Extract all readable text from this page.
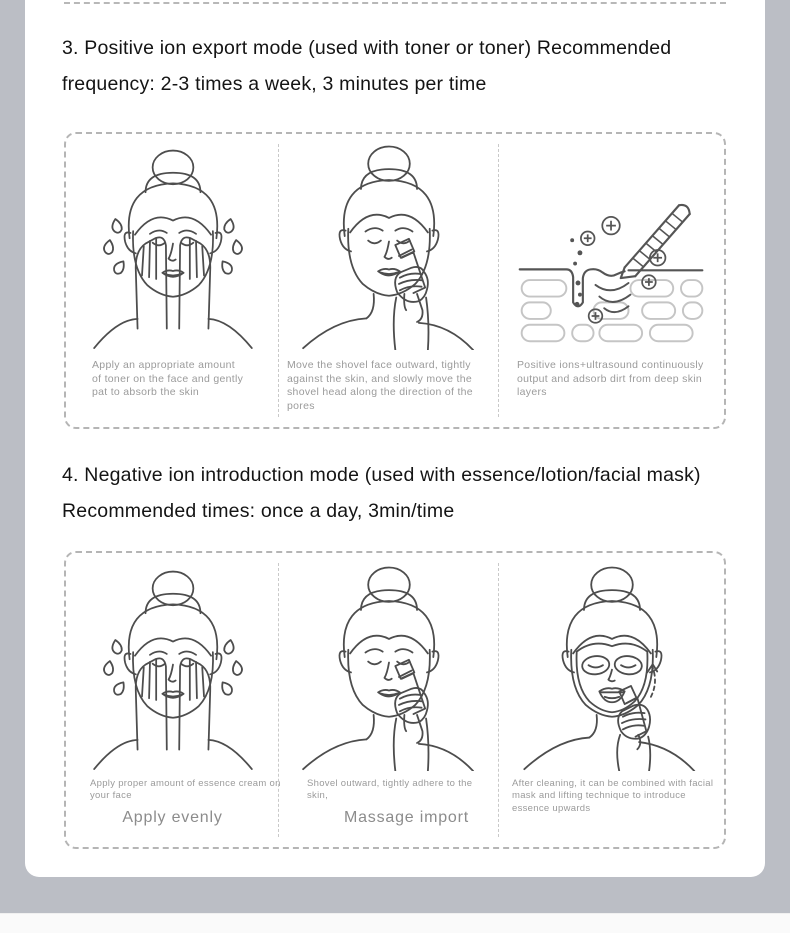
3. Positive ion export mode (used with toner or toner) Recommended
frequency: 2-3 times a week, 3 minutes per time

Apply an appropriate amount of toner on the face and gently pat to absorb the skin

Move the shovel face outward, tightly against the skin, and slowly move the shovel head along the direction of the pores

Positive ions+ultrasound continuously output and adsorb dirt from deep skin layers

4. Negative ion introduction mode (used with essence/lotion/facial mask)
Recommended times: once a day, 3min/time

Apply proper amount of essence cream on your face

Apply evenly

Shovel outward, tightly adhere to the skin,

Massage import

After cleaning, it can be combined with facial mask and lifting technique to introduce essence upwards
